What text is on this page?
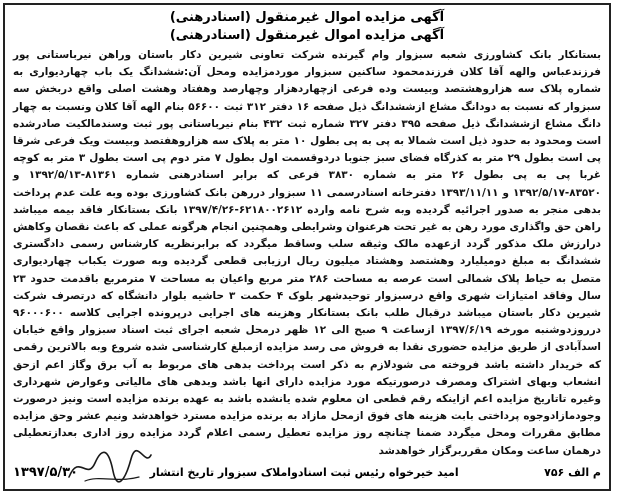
آگهی مزایده اموال غیرمنقول (اسنادرهنی)
آگهی مزایده اموال غیرمنقول (اسنادرهنی)

بستانکار بانک کشاورزی شعبه سبزوار وام گیرنده شرکت تعاونی شیرین دکار باستان وراهن نیرباستانی پور فرزندعباس والهه آقا کلان فرزندمحمود ساکنین سبزوار موردمزایده ومحل آن:ششدانگ یک باب چهاردیواری به شماره پلاک سه هزاروهشتصد وبیست وده فرعی ازچهاردهزار وچهارصد وهفتاد وهشت اصلی واقع دربخش سه سبزوار که نسبت به دودانگ مشاع ازششدانگ ذیل صفحه ۱۶ دفتر ۳۱۲ ثبت ۵۶۶۰۰ بنام الهه آقا کلان ونسبت به چهار دانگ مشاع ازششدانگ ذیل صفحه ۳۹۵ دفتر ۳۲۷ شماره ثبت ۴۳۲ بنام نیرباستانی پور ثبت وسندمالکیت صادرشده است ومحدود به حدود ذیل است شمالا به پی به پی بطول ۱۰ متر به پلاک سه هزاروهفتصد وبیست ویک فرعی شرقا پی است بطول ۲۹ متر به کذرگاه فضای سبز جنوبا دردوقسمت اول بطول ۷ متر دوم پی است بطول ۳ متر به کوچه غربا پی به پی بطول ۲۶ متر به شماره ۳۸۳۰ فرعی که برابر اسنادرهنی شماره ۸۱۳۶۱-۱۳۹۲/۵/۱۳ و ۸۳۵۲۰-۱۳۹۲/۵/۱۷ و ۱۳۹۳/۱۱/۱۱ دفترخانه اسنادرسمی ۱۱ سبزوار دررهن بانک کشاورزی بوده وبه علت عدم پرداخت بدهی منجر به صدور اجرائیه گردیده وبه شرح نامه وارده ۶۲۱۸۰۰۲۶۱۲-۱۳۹۷/۴/۲۶ بانک بستانکار فاقد بیمه میباشد راهن حق واگذاری مورد رهن به غیر تحت هرعنوان وشرایطی وهمچنین انجام هرگونه عملی که باعث نقصان وکاهش درارزش ملک مذکور گردد ازعهده مالک وثیقه سلب وساقط میگردد که برابرنظریه کارشناس رسمی دادگستری ششدانگ به مبلغ دومیلیارد وهشتصد وهشتاد میلیون ریال ارزیابی قطعی گردیده وبه صورت یکباب چهاردیواری متصل به حیاط پلاک شمالی است عرصه به مساحت ۲۸۶ متر مربع واعیان به مساحت ۷ مترمربع باقدمت حدود ۲۳ سال وفاقد امتیازات شهری واقع درسبزوار توحیدشهر بلوک ۴ حکمت ۳ حاشیه بلوار دانشگاه که درتصرف شرکت شیرین دکار باستان میباشد درقبال طلب بانک بستانکار وهزینه های اجرایی درپرونده اجرایی کلاسه ۹۶۰۰۰۶۰۰ درروزدوشنبه مورخه ۱۳۹۷/۶/۱۹ ازساعت ۹ صبح الی ۱۲ ظهر درمحل شعبه اجرای ثبت اسناد سبزوار واقع خیابان اسدآبادی از طریق مزایده حضوری نقدا به فروش می رسد مزایده ازمبلغ کارشناسی شده شروع وبه بالاترین رقمی که خریدار داشته باشد فروخته می شودلازم به ذکر است پرداخت بدهی های مربوط به آب برق وگاز اعم ازحق انشعاب وبهای اشتراک ومصرف درصورتیکه مورد مزایده دارای انها باشد وبدهی های مالیاتی وعوارض شهرداری وغیره تاتاریخ مزایده اعم ازاینکه رقم قطعی ان معلوم شده یانشده باشد به عهده برنده مزایده است ونیز درصورت وجودمازادوجوه پرداختی بابت هزینه های فوق ازمحل مازاد به برنده مزایده مسترد خواهدشد ونیم عشر وحق مزایده مطابق مقررات ومحل میگردد ضمنا چنانچه روز مزایده تعطیل رسمی اعلام گردد مزایده روز اداری بعدازتعطیلی درهمان ساعت ومکان مقرربرگزار خواهدشد

م الف ۷۵۶
امید خیرخواه رئیس ثبت اسنادواملاک سبزوار تاریخ انتشار
۱۳۹۷/۵/۳۰
